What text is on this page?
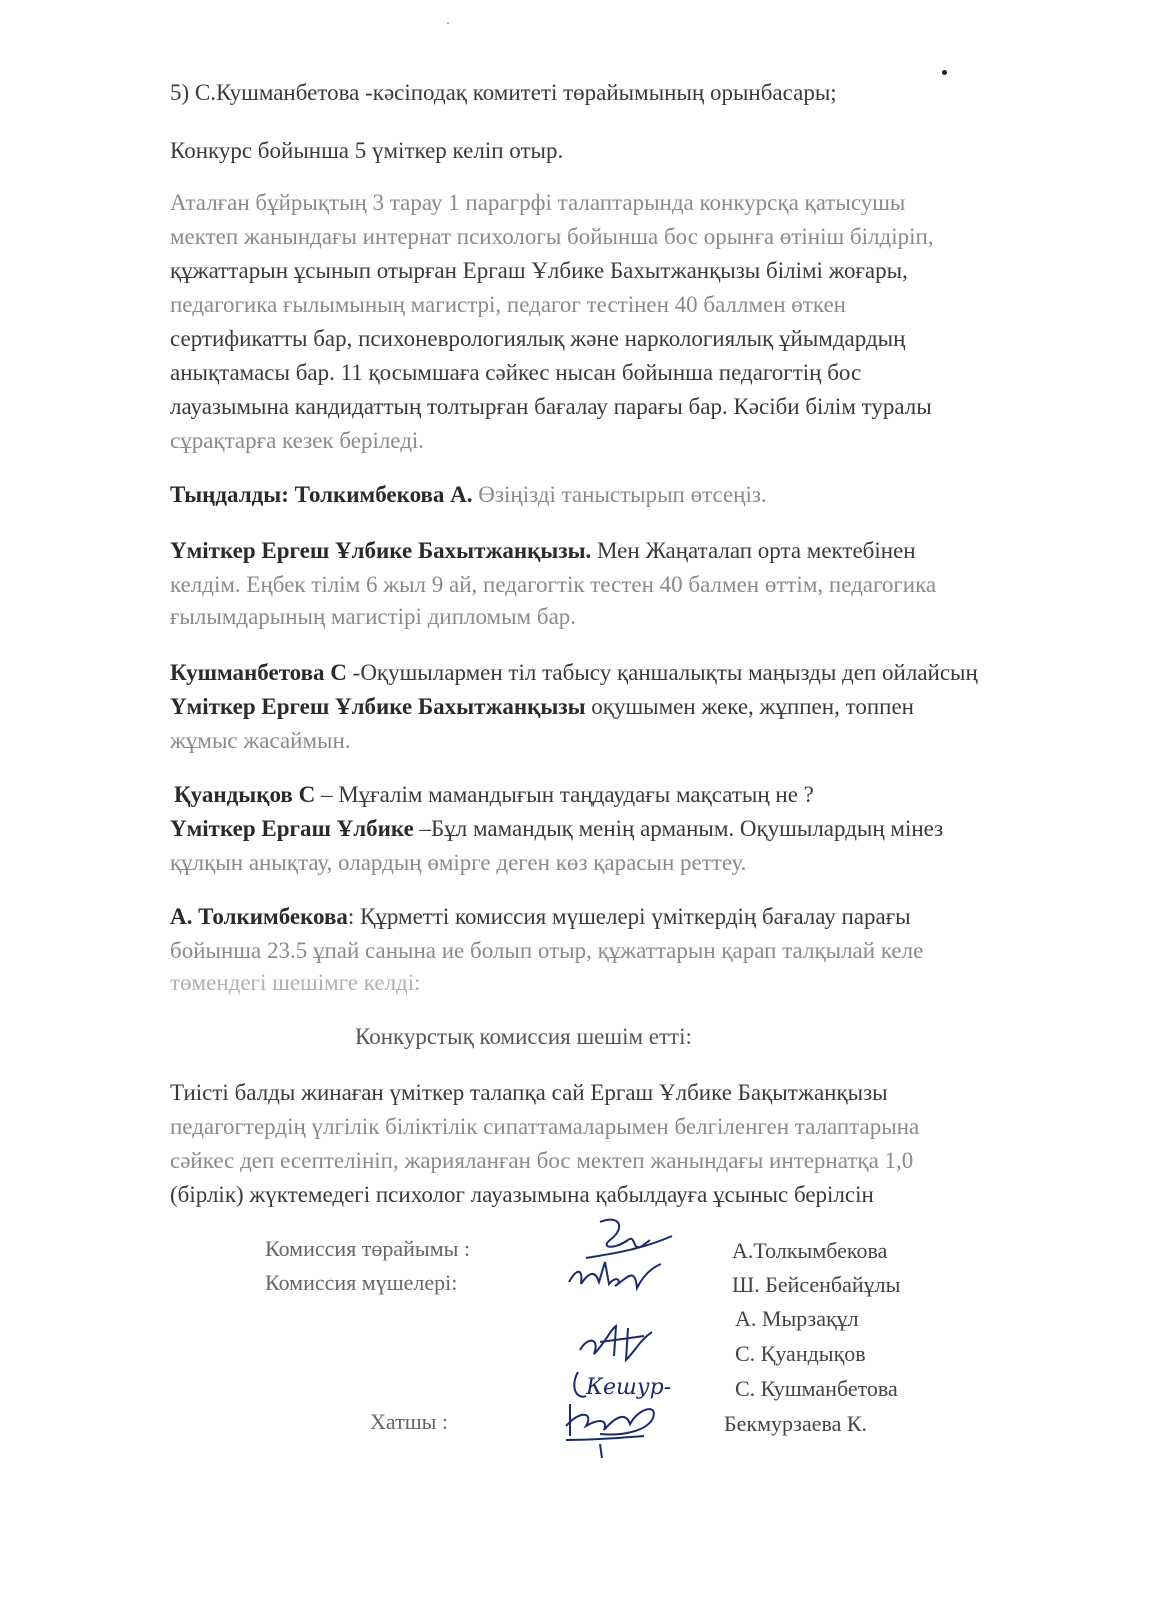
5) С.Кушманбетова -кәсіподақ комитеті төрайымының орынбасары;

Конкурс бойынша 5 үміткер келіп отыр.

Аталған бұйрықтың 3 тарау 1 парагрфі талаптарында конкурсқа қатысушы

мектеп жанындағы интернат психологы бойынша бос орынға өтініш білдіріп,

құжаттарын ұсынып отырған Ергаш Ұлбике Бахытжанқызы білімі жоғары,

педагогика ғылымының магистрі, педагог тестінен 40 баллмен өткен

сертификатты бар, психоневрологиялық және наркологиялық ұйымдардың

анықтамасы бар. 11 қосымшаға сәйкес нысан бойынша педагогтің бос

лауазымына кандидаттың толтырған бағалау парағы бар. Кәсіби білім туралы

сұрақтарға кезек беріледі.

Тыңдалды: Толкимбекова А. Өзіңізді таныстырып өтсеңіз.

Үміткер Ергеш Ұлбике Бахытжанқызы. Мен Жаңаталап орта мектебінен

келдім. Еңбек тілім 6 жыл 9 ай, педагогтік тестен 40 балмен өттім, педагогика

ғылымдарының магистірі дипломым бар.

Кушманбетова С -Оқушылармен тіл табысу қаншалықты маңызды деп ойлайсың

Үміткер Ергеш Ұлбике Бахытжанқызы оқушымен жеке, жұппен, топпен

жұмыс жасаймын.

Қуандықов С – Мұғалім мамандығын таңдаудағы мақсатың не ?

Үміткер Ергаш Ұлбике –Бұл мамандық менің арманым. Оқушылардың мінез

құлқын анықтау, олардың өмірге деген көз қарасын реттеу.

А. Толкимбекова: Құрметті комиссия мүшелері үміткердің бағалау парағы

бойынша 23.5 ұпай санына ие болып отыр, құжаттарын қарап талқылай келе

төмендегі шешімге келді:

Конкурстық комиссия шешім етті:

Тиісті балды жинаған үміткер талапқа сай Ергаш Ұлбике Бақытжанқызы

педагогтердің үлгілік біліктілік сипаттамаларымен белгіленген талаптарына

сәйкес деп есептелініп, жарияланған бос мектеп жанындағы интернатқа 1,0

(бірлік) жүктемедегі психолог лауазымына қабылдауға ұсыныс берілсін

Комиссия төрайымы :
Комиссия мүшелері:
Хатшы :
А.Толкымбекова
Ш. Бейсенбайұлы
А. Мырзақұл
С. Қуандықов
С. Кушманбетова
Бекмурзаева К.
Кешур-
